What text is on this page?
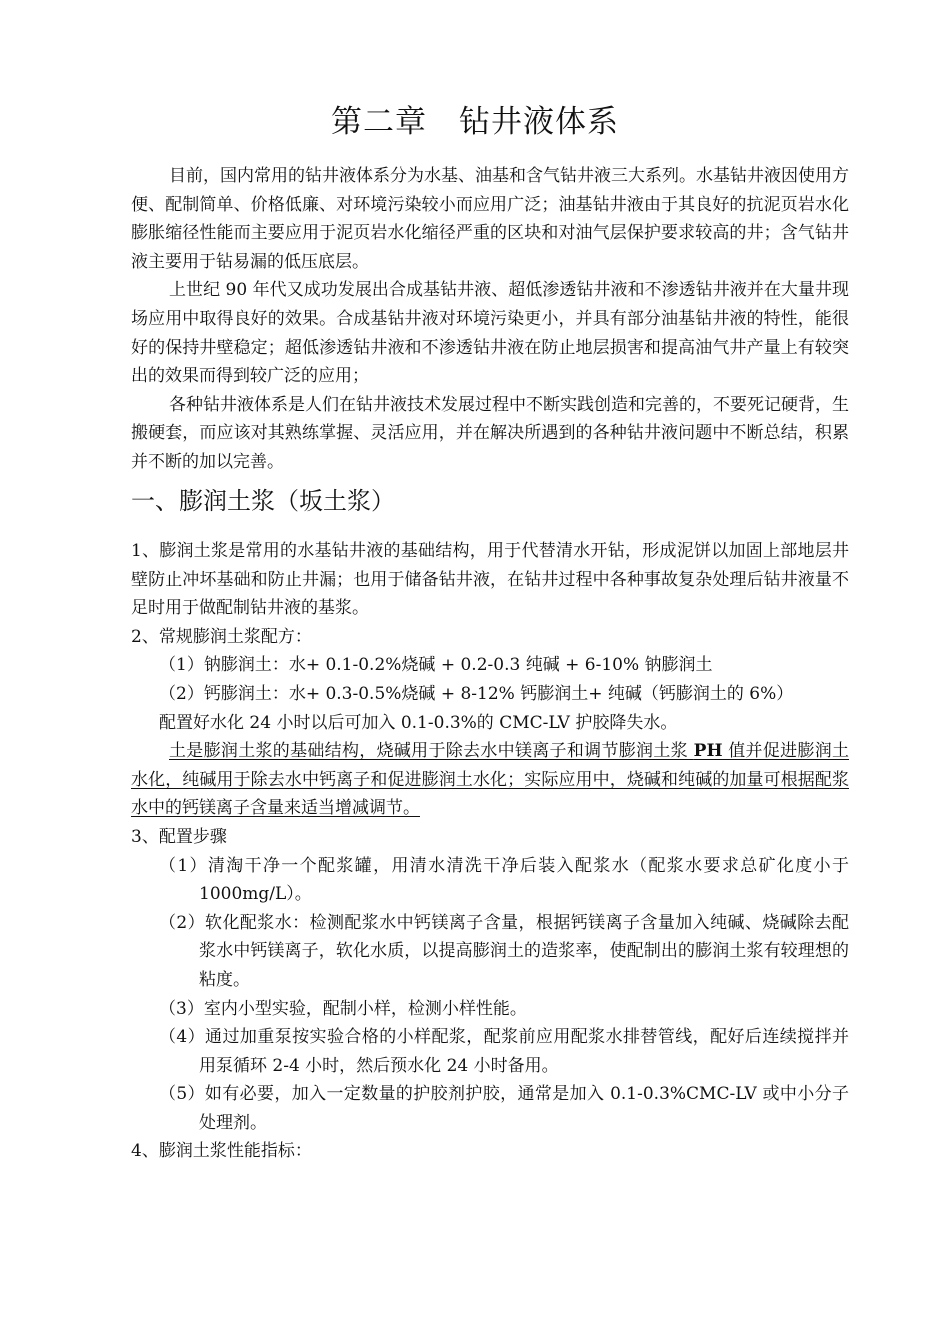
第二章　钻井液体系

目前，国内常用的钻井液体系分为水基、油基和含气钻井液三大系列。水基钻井液因使用方便、配制简单、价格低廉、对环境污染较小而应用广泛；油基钻井液由于其良好的抗泥页岩水化膨胀缩径性能而主要应用于泥页岩水化缩径严重的区块和对油气层保护要求较高的井；含气钻井液主要用于钻易漏的低压底层。

上世纪 90 年代又成功发展出合成基钻井液、超低渗透钻井液和不渗透钻井液并在大量井现场应用中取得良好的效果。合成基钻井液对环境污染更小，并具有部分油基钻井液的特性，能很好的保持井壁稳定；超低渗透钻井液和不渗透钻井液在防止地层损害和提高油气井产量上有较突出的效果而得到较广泛的应用；

各种钻井液体系是人们在钻井液技术发展过程中不断实践创造和完善的，不要死记硬背，生搬硬套，而应该对其熟练掌握、灵活应用，并在解决所遇到的各种钻井液问题中不断总结，积累并不断的加以完善。

一、膨润土浆（坂土浆）

1、膨润土浆是常用的水基钻井液的基础结构，用于代替清水开钻，形成泥饼以加固上部地层井壁防止冲坏基础和防止井漏；也用于储备钻井液，在钻井过程中各种事故复杂处理后钻井液量不足时用于做配制钻井液的基浆。

2、常规膨润土浆配方：

（1）钠膨润土：水+ 0.1-0.2%烧碱 + 0.2-0.3 纯碱 + 6-10% 钠膨润土

（2）钙膨润土：水+ 0.3-0.5%烧碱 + 8-12% 钙膨润土+ 纯碱（钙膨润土的 6%）

配置好水化 24 小时以后可加入 0.1-0.3%的 CMC-LV 护胶降失水。

土是膨润土浆的基础结构，烧碱用于除去水中镁离子和调节膨润土浆 PH 值并促进膨润土水化，纯碱用于除去水中钙离子和促进膨润土水化；实际应用中，烧碱和纯碱的加量可根据配浆水中的钙镁离子含量来适当增减调节。

3、配置步骤

（1）清淘干净一个配浆罐，用清水清洗干净后装入配浆水（配浆水要求总矿化度小于 1000mg/L）。

（2）软化配浆水：检测配浆水中钙镁离子含量，根据钙镁离子含量加入纯碱、烧碱除去配浆水中钙镁离子，软化水质，以提高膨润土的造浆率，使配制出的膨润土浆有较理想的粘度。

（3）室内小型实验，配制小样，检测小样性能。

（4）通过加重泵按实验合格的小样配浆，配浆前应用配浆水排替管线，配好后连续搅拌并用泵循环 2-4 小时，然后预水化 24 小时备用。

（5）如有必要，加入一定数量的护胶剂护胶，通常是加入 0.1-0.3%CMC-LV 或中小分子处理剂。

4、膨润土浆性能指标：
